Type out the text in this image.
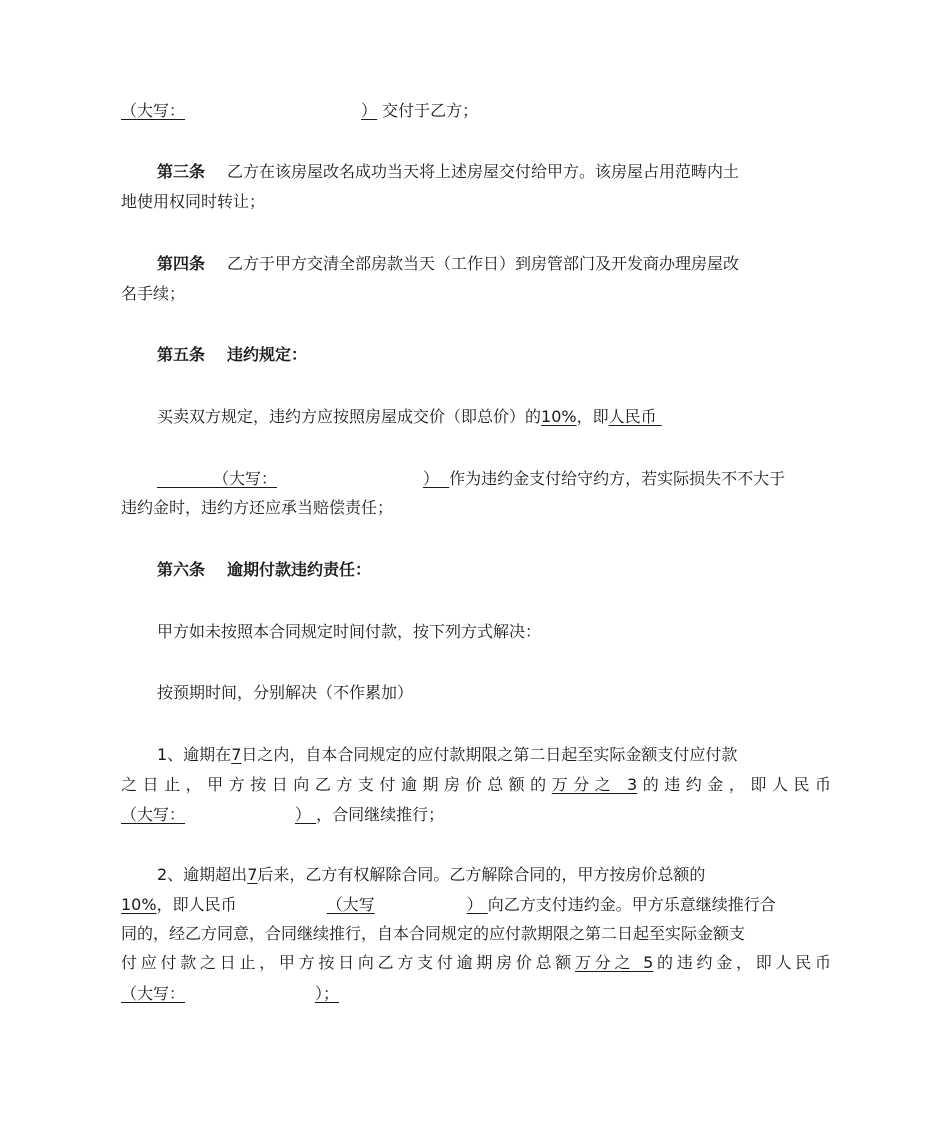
（大写：	） 交付于乙方；
第三条 乙方在该房屋改名成功当天将上述房屋交付给甲方。该房屋占用范畴内土
地使用权同时转让；
第四条 乙方于甲方交清全部房款当天（工作日）到房管部门及开发商办理房屋改
名手续；
第五条 违约规定：
买卖双方规定，违约方应按照房屋成交价（即总价）的10%，即人民币
（大写：	） 作为违约金支付给守约方，若实际损失不不大于
违约金时，违约方还应承当赔偿责任；
第六条 逾期付款违约责任：
甲方如未按照本合同规定时间付款，按下列方式解决：
按预期时间，分别解决（不作累加）
1、逾期在7日之内，自本合同规定的应付款期限之第二日起至实际金额支付应付款
之日止，甲方按日向乙方支付逾期房价总额的万分之 3的违约金，即人民币
（大写：	） ，合同继续推行；
2、逾期超出7后来，乙方有权解除合同。乙方解除合同的，甲方按房价总额的
10%，即人民币	（大写	） 向乙方支付违约金。甲方乐意继续推行合
同的，经乙方同意，合同继续推行，自本合同规定的应付款期限之第二日起至实际金额支
付应付款之日止，甲方按日向乙方支付逾期房价总额万分之 5的违约金，即人民币
（大写：	）；
